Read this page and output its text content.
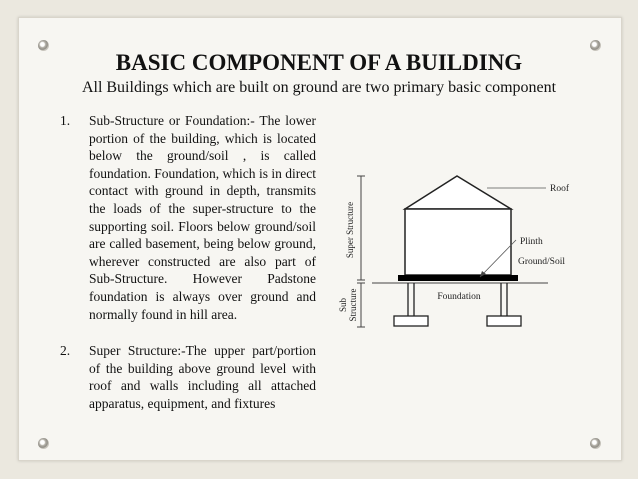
BASIC COMPONENT OF A BUILDING
All Buildings which are built on ground are two primary basic component
1. Sub-Structure or Foundation:- The lower portion of the building, which is located below the ground/soil , is called foundation. Foundation, which is in direct contact with ground in depth, transmits the loads of the super-structure to the supporting soil. Floors below ground/soil are called basement, being below ground, wherever constructed are also part of Sub-Structure. However Padstone foundation is always over ground and normally found in hill area.
2. Super Structure:-The upper part/portion of the building above ground level with roof and walls including all attached apparatus, equipment, and fixtures
Super Structure
Sub Structure	Foundation
Roof
Plinth
Ground/Soil
